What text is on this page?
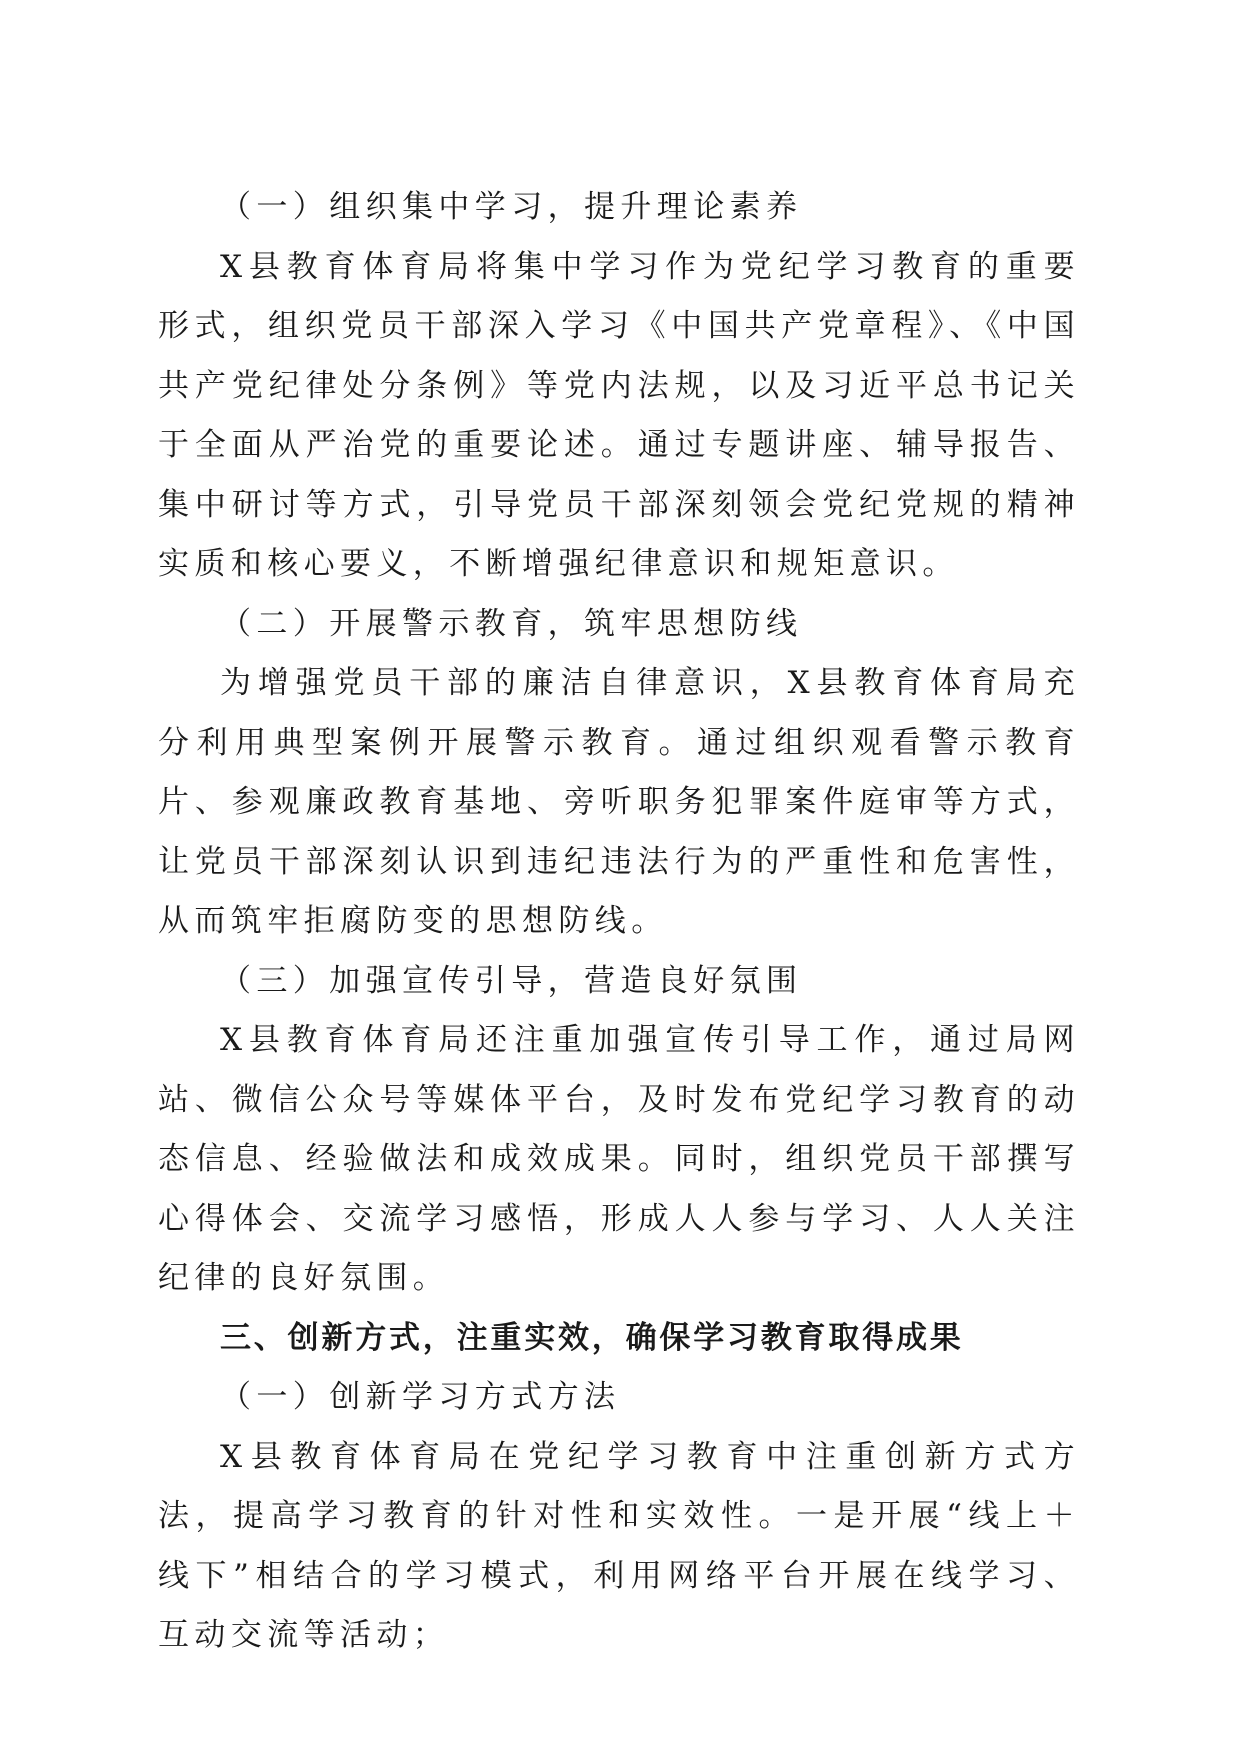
（一）组织集中学习，提升理论素养

X县教育体育局将集中学习作为党纪学习教育的重要形式，组织党员干部深入学习《中国共产党章程》、《中国共产党纪律处分条例》等党内法规，以及习近平总书记关于全面从严治党的重要论述。通过专题讲座、辅导报告、集中研讨等方式，引导党员干部深刻领会党纪党规的精神实质和核心要义，不断增强纪律意识和规矩意识。

（二）开展警示教育，筑牢思想防线

为增强党员干部的廉洁自律意识，X县教育体育局充分利用典型案例开展警示教育。通过组织观看警示教育片、参观廉政教育基地、旁听职务犯罪案件庭审等方式，让党员干部深刻认识到违纪违法行为的严重性和危害性，从而筑牢拒腐防变的思想防线。

（三）加强宣传引导，营造良好氛围

X县教育体育局还注重加强宣传引导工作，通过局网站、微信公众号等媒体平台，及时发布党纪学习教育的动态信息、经验做法和成效成果。同时，组织党员干部撰写心得体会、交流学习感悟，形成人人参与学习、人人关注纪律的良好氛围。

三、创新方式，注重实效，确保学习教育取得成果

（一）创新学习方式方法

X县教育体育局在党纪学习教育中注重创新方式方法，提高学习教育的针对性和实效性。一是开展“线上＋线下”相结合的学习模式，利用网络平台开展在线学习、互动交流等活动；
